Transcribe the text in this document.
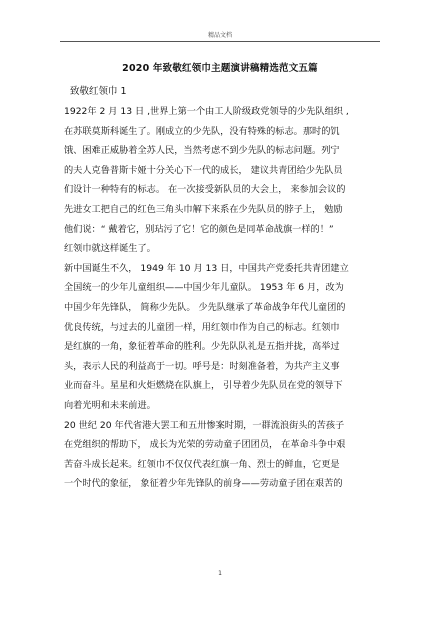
精品文档
2020 年致敬红领巾主题演讲稿精选范文五篇
致敬红领巾 1
1922年 2 月 13 日 ,世界上第一个由工人阶级政党领导的少先队组织 ,
在苏联莫斯科诞生了。刚成立的少先队，没有特殊的标志。那时的饥
饿、困难正威胁着全苏人民，当然考虑不到少先队的标志问题。列宁
的夫人克鲁普斯卡娅十分关心下一代的成长， 建议共青团给少先队员
们设计一种特有的标志。 在一次接受新队员的大会上， 来参加会议的
先进女工把自己的红色三角头巾解下来系在少先队员的脖子上， 勉励
他们说：“ 戴着它，别玷污了它！它的颜色是同革命战旗一样的！”
红领巾就这样诞生了。
新中国诞生不久， 1949 年 10 月 13 日，中国共产党委托共青团建立
全国统一的少年儿童组织——中国少年儿童队。 1953 年 6 月，改为
中国少年先锋队， 简称少先队。 少先队继承了革命战争年代儿童团的
优良传统，与过去的儿童团一样，用红领巾作为自己的标志。红领巾
是红旗的一角，象征着革命的胜利。少先队队礼是五指并拢，高举过
头，表示人民的利益高于一切。呼号是：时刻准备着，为共产主义事
业而奋斗。星星和火炬燃烧在队旗上， 引导着少先队员在党的领导下
向着光明和未来前进。
20 世纪 20 年代省港大罢工和五卅惨案时期，一群流浪街头的苦孩子
在党组织的帮助下， 成长为光荣的劳动童子团团员， 在革命斗争中艰
苦奋斗成长起来。红领巾不仅仅代表红旗一角、烈士的鲜血，它更是
一个时代的象征， 象征着少年先锋队的前身——劳动童子团在艰苦的
1
